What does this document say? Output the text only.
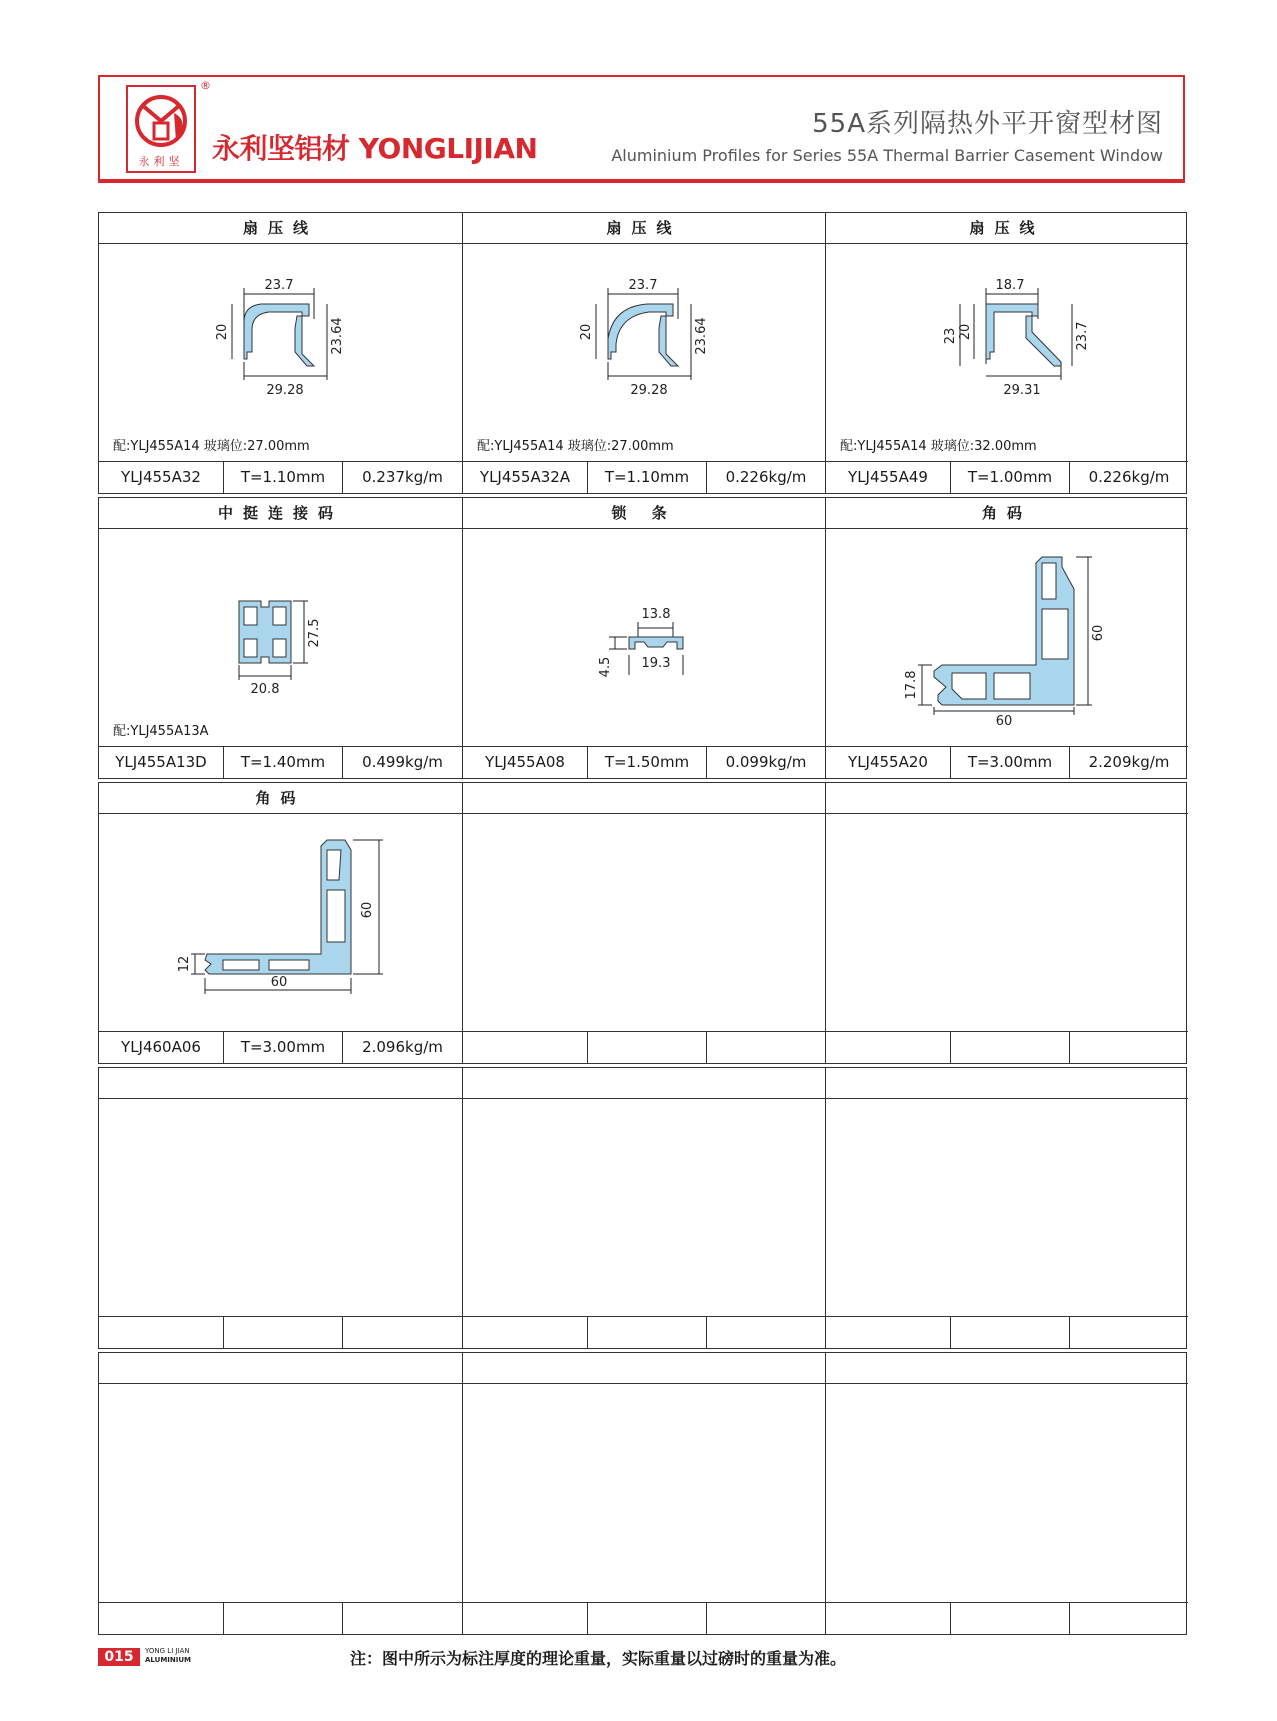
永利坚
®
永利坚铝材 YONGLIJIAN
55A系列隔热外平开窗型材图
Aluminium Profiles for Series 55A Thermal Barrier Casement Window
扇压线
23.7
20	23.64
29.28
配:YLJ455A14 玻璃位:27.00mm
YLJ455A32	T=1.10mm	0.237kg/m
扇压线
23.7
20	23.64
29.28
配:YLJ455A14 玻璃位:27.00mm
YLJ455A32A	T=1.10mm	0.226kg/m
扇压线
18.7
23 20	23.7
29.31
配:YLJ455A14 玻璃位:32.00mm
YLJ455A49	T=1.00mm	0.226kg/m
中挺连接码
27.5
20.8
配:YLJ455A13A
YLJ455A13D	T=1.40mm	0.499kg/m
锁 条
13.8
4.5 19.3
YLJ455A08	T=1.50mm	0.099kg/m
角码
60
17.8
60
YLJ455A20	T=3.00mm	2.209kg/m
角码
60
12
60
YLJ460A06	T=3.00mm	2.096kg/m
015	YONG LI JIAN
ALUMINIUM	注：图中所示为标注厚度的理论重量，实际重量以过磅时的重量为准。
